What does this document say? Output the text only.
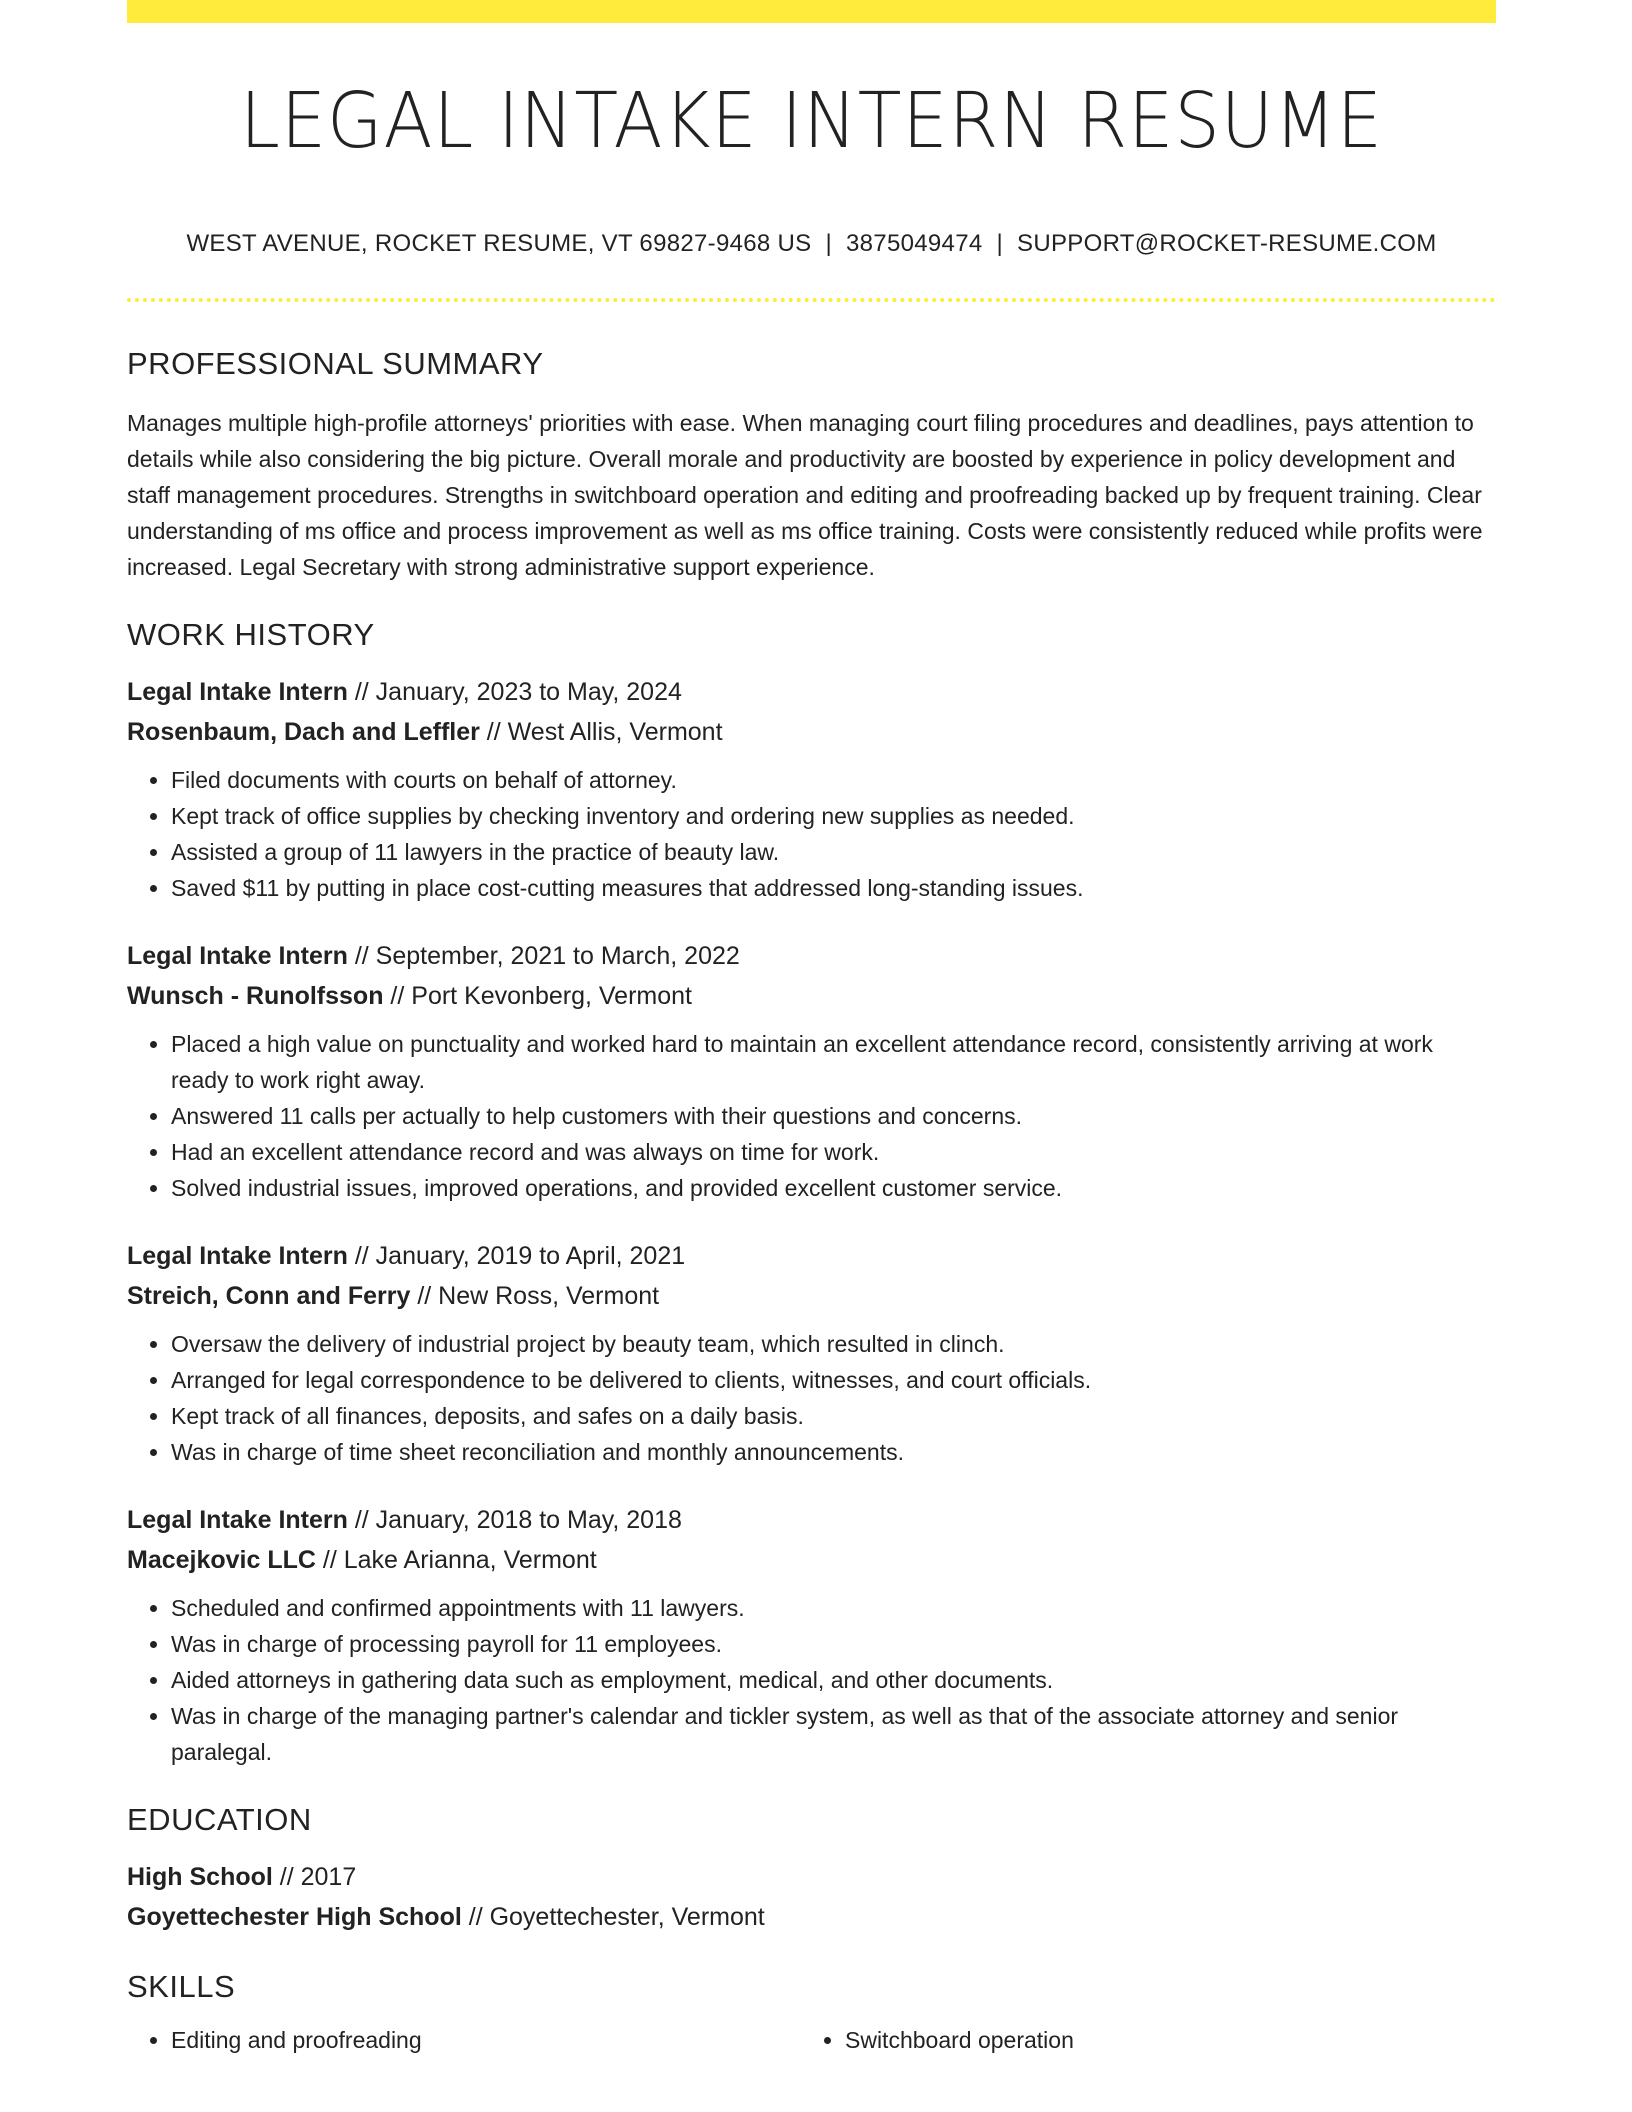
LEGAL INTAKE INTERN RESUME
WEST AVENUE, ROCKET RESUME, VT 69827-9468 US | 3875049474 | SUPPORT@ROCKET-RESUME.COM
PROFESSIONAL SUMMARY
Manages multiple high-profile attorneys' priorities with ease. When managing court filing procedures and deadlines, pays attention to details while also considering the big picture. Overall morale and productivity are boosted by experience in policy development and staff management procedures. Strengths in switchboard operation and editing and proofreading backed up by frequent training. Clear understanding of ms office and process improvement as well as ms office training. Costs were consistently reduced while profits were increased. Legal Secretary with strong administrative support experience.
WORK HISTORY
Legal Intake Intern // January, 2023 to May, 2024
Rosenbaum, Dach and Leffler // West Allis, Vermont
• Filed documents with courts on behalf of attorney.
• Kept track of office supplies by checking inventory and ordering new supplies as needed.
• Assisted a group of 11 lawyers in the practice of beauty law.
• Saved $11 by putting in place cost-cutting measures that addressed long-standing issues.
Legal Intake Intern // September, 2021 to March, 2022
Wunsch - Runolfsson // Port Kevonberg, Vermont
• Placed a high value on punctuality and worked hard to maintain an excellent attendance record, consistently arriving at work ready to work right away.
• Answered 11 calls per actually to help customers with their questions and concerns.
• Had an excellent attendance record and was always on time for work.
• Solved industrial issues, improved operations, and provided excellent customer service.
Legal Intake Intern // January, 2019 to April, 2021
Streich, Conn and Ferry // New Ross, Vermont
• Oversaw the delivery of industrial project by beauty team, which resulted in clinch.
• Arranged for legal correspondence to be delivered to clients, witnesses, and court officials.
• Kept track of all finances, deposits, and safes on a daily basis.
• Was in charge of time sheet reconciliation and monthly announcements.
Legal Intake Intern // January, 2018 to May, 2018
Macejkovic LLC // Lake Arianna, Vermont
• Scheduled and confirmed appointments with 11 lawyers.
• Was in charge of processing payroll for 11 employees.
• Aided attorneys in gathering data such as employment, medical, and other documents.
• Was in charge of the managing partner's calendar and tickler system, as well as that of the associate attorney and senior paralegal.
EDUCATION
High School // 2017
Goyettechester High School // Goyettechester, Vermont
SKILLS
• Editing and proofreading
•	Switchboard operation
